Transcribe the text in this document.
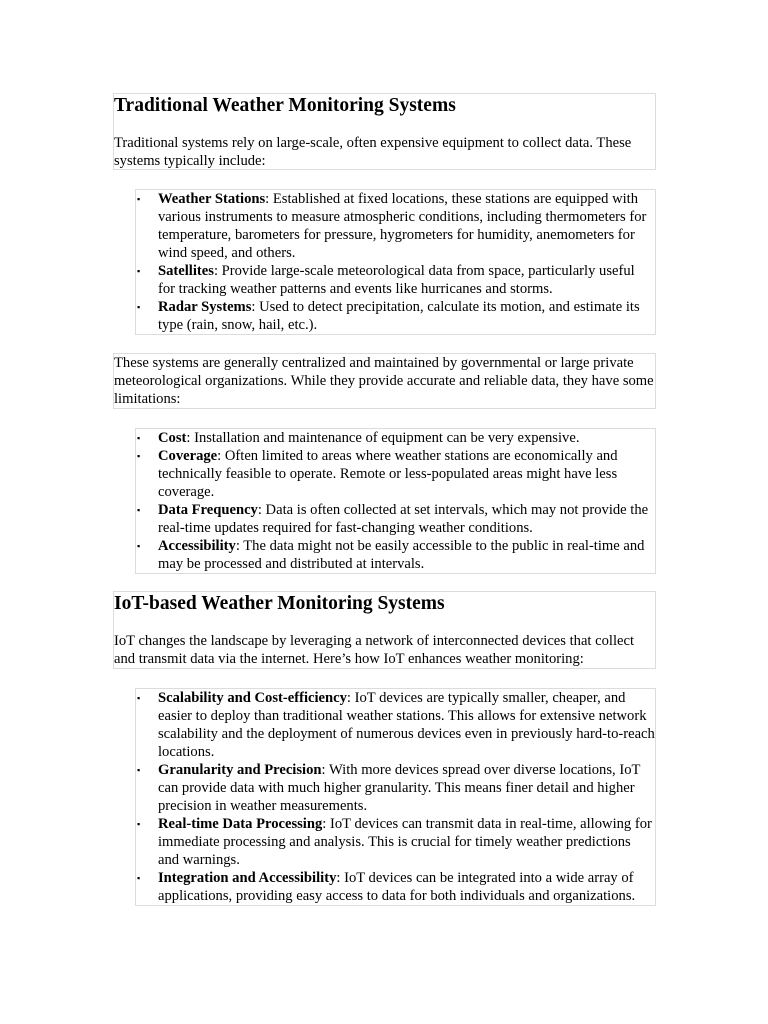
Traditional Weather Monitoring Systems

Traditional systems rely on large-scale, often expensive equipment to collect data. These systems typically include:

▪ Weather Stations: Established at fixed locations, these stations are equipped with various instruments to measure atmospheric conditions, including thermometers for temperature, barometers for pressure, hygrometers for humidity, anemometers for wind speed, and others.
▪ Satellites: Provide large-scale meteorological data from space, particularly useful for tracking weather patterns and events like hurricanes and storms.
▪ Radar Systems: Used to detect precipitation, calculate its motion, and estimate its type (rain, snow, hail, etc.).

These systems are generally centralized and maintained by governmental or large private meteorological organizations. While they provide accurate and reliable data, they have some limitations:

▪ Cost: Installation and maintenance of equipment can be very expensive.
▪ Coverage: Often limited to areas where weather stations are economically and technically feasible to operate. Remote or less-populated areas might have less coverage.
▪ Data Frequency: Data is often collected at set intervals, which may not provide the real-time updates required for fast-changing weather conditions.
▪ Accessibility: The data might not be easily accessible to the public in real-time and may be processed and distributed at intervals.
IoT-based Weather Monitoring Systems

IoT changes the landscape by leveraging a network of interconnected devices that collect and transmit data via the internet. Here’s how IoT enhances weather monitoring:

▪ Scalability and Cost-efficiency: IoT devices are typically smaller, cheaper, and easier to deploy than traditional weather stations. This allows for extensive network scalability and the deployment of numerous devices even in previously hard-to-reach locations.
▪ Granularity and Precision: With more devices spread over diverse locations, IoT can provide data with much higher granularity. This means finer detail and higher precision in weather measurements.
▪ Real-time Data Processing: IoT devices can transmit data in real-time, allowing for immediate processing and analysis. This is crucial for timely weather predictions and warnings.
▪ Integration and Accessibility: IoT devices can be integrated into a wide array of applications, providing easy access to data for both individuals and organizations.
